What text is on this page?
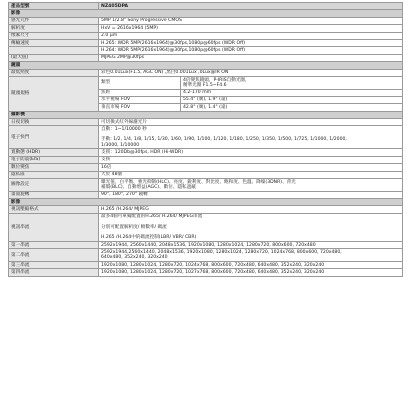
產品型號	NZ405DPA	
影像		
感光元件	5MP 1/2.8" Sony Progressive CMOS	
解析度	HxV = 2616x1964 (5MP)	
像素尺寸	2.0 μm	
傳輸速度	H.265: WDR 5MP(2616x1964)@30fps,1080p@60fps (WDR Off)	
	H.264: WDR 5MP(2616x1964)@30fps,1080p@60fps (WDR Off)	
(最大值)	MJPEG 2MP@30fps	
鏡頭		
最低照度	彩色0.01Lux(F1.5, AGC ON) ,黑白0.001Lux ,0Lux@IR ON	
鏡頭規格	類型	4倍變焦鏡頭，P-IRIS自動光圈，
精準光圈 F1.5~F4.6

	焦距	4.2-170 mm
	水平視場 FOV	55.4° (廣), 1.9° (遠)
	垂直市場 FOV	42.8° (廣), 1.4° (遠)
攝影機		
日夜切換	可切換式紅外線濾光片	
電子快門	自動：1~1/10000 秒
手動: 1/2, 1/4, 1/8, 1/15, 1/30, 1/60, 1/90, 1/100, 1/120, 1/180, 1/250, 1/350, 1/500, 1/725, 1/1000, 1/2000,
1/3000, 1/10000	

寬動態 (HDR)	支援：120Db@30fps, HDR (Hi-WDR)	
電子防震(EIS)	支援	
數位變焦	16倍	
隱私區	大於 48個	
圖像設定	曝光值、白平衡、強光抑制(HLC)、亮度、銳利度、對比度、飽和度、色溫、降噪(3DNR)、背光
補償(BLC)、自動增益(AGC)、數位、隱私遮蔽	

畫面旋轉	90°, 180°, 270° 鏡轉	
影像		
視訊壓縮格式	H.265 /H.264/ MJPEG	
視訊串流	最多4個可單獨配置的H.265/ H.264/ MJPEG串流
分別可配置解析度/ 幀數率/ 碼流
H.265 /H.264中的碼流控制(LBR/ VBR/ CBR)	

第一串流	2592x1944, 2560x1440, 2048x1536, 1920x1080, 1280x1024, 1280x720, 800x600, 720x480	
第二串流	2592x1944,2560x1440, 2048x1536, 1920x1080, 1280x1024, 1280x720, 1024x768, 800x600, 720x480,
640x480, 352x240, 320x240	

第三串流	1920x1080, 1280x1024, 1280x720, 1024x768, 800x600, 720x480, 640x480, 352x240, 320x240	
第四串流	1920x1080, 1280x1024, 1280x720, 1027x768, 800x600, 720x480, 640x480, 352x240, 320x240	
